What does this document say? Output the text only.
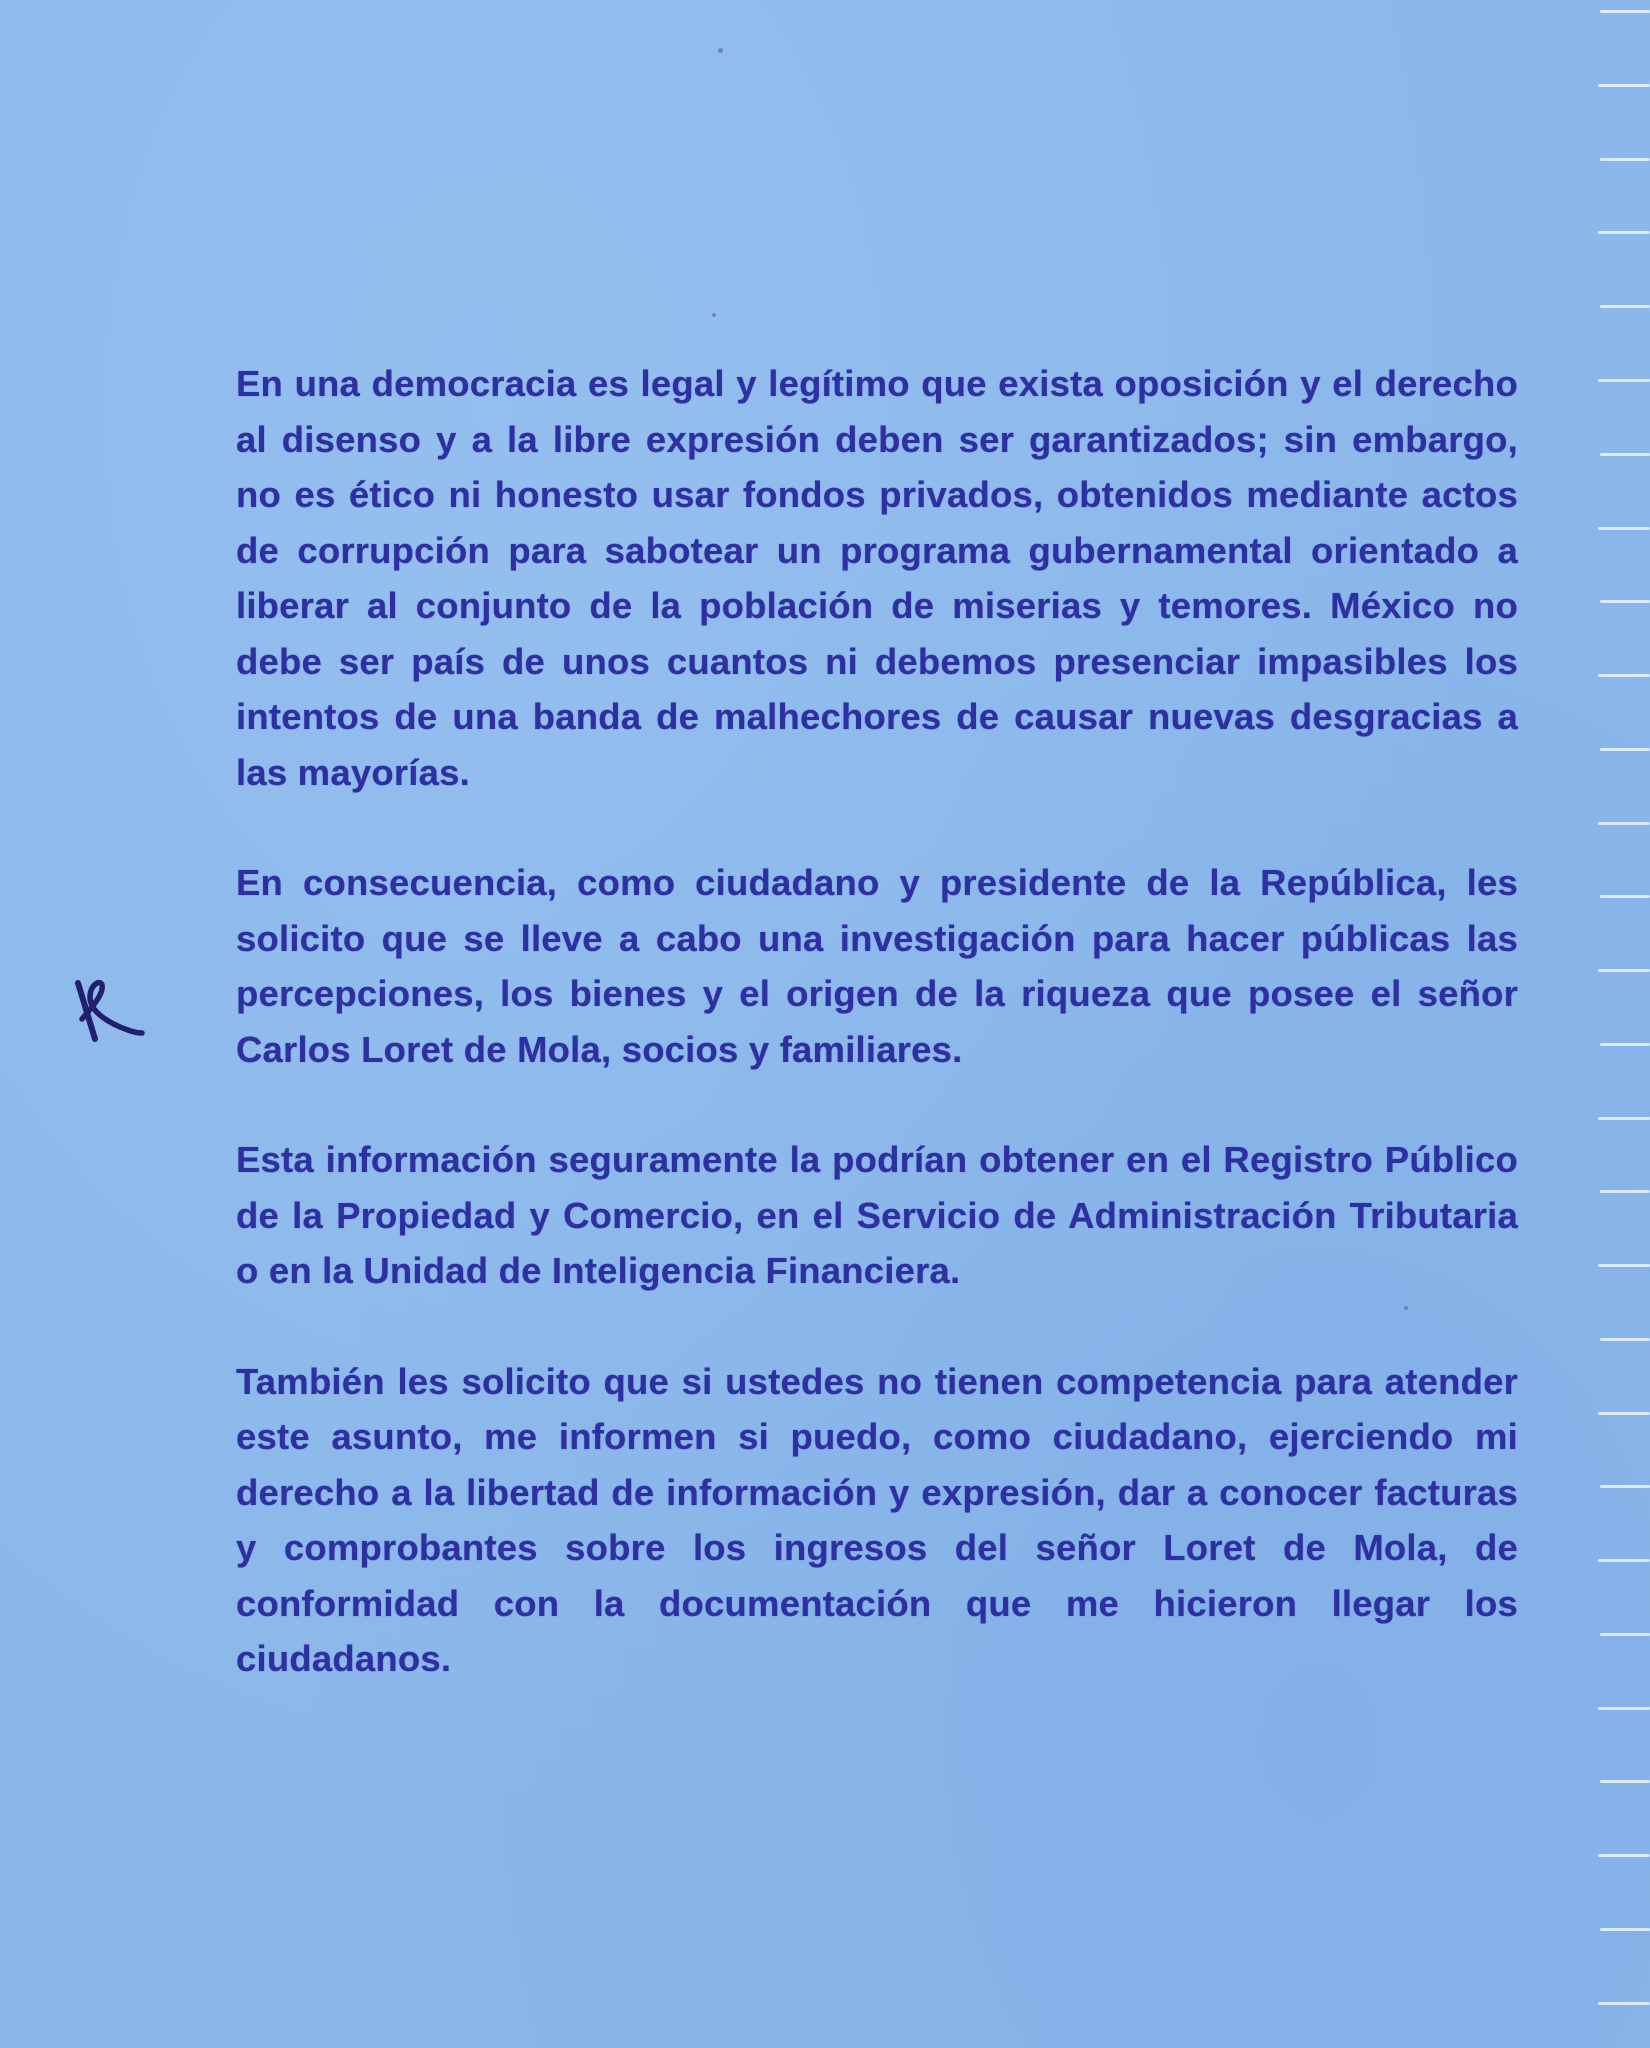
En una democracia es legal y legítimo que exista oposición y el derecho al disenso y a la libre expresión deben ser garantizados; sin embargo, no es ético ni honesto usar fondos privados, obtenidos mediante actos de corrupción para sabotear un programa gubernamental orientado a liberar al conjunto de la población de miserias y temores. México no debe ser país de unos cuantos ni debemos presenciar impasibles los intentos de una banda de malhechores de causar nuevas desgracias a las mayorías.

En consecuencia, como ciudadano y presidente de la República, les solicito que se lleve a cabo una investigación para hacer públicas las percepciones, los bienes y el origen de la riqueza que posee el señor Carlos Loret de Mola, socios y familiares.

Esta información seguramente la podrían obtener en el Registro Público de la Propiedad y Comercio, en el Servicio de Administración Tributaria o en la Unidad de Inteligencia Financiera.

También les solicito que si ustedes no tienen competencia para atender este asunto, me informen si puedo, como ciudadano, ejerciendo mi derecho a la libertad de información y expresión, dar a conocer facturas y comprobantes sobre los ingresos del señor Loret de Mola, de conformidad con la documentación que me hicieron llegar los ciudadanos.
